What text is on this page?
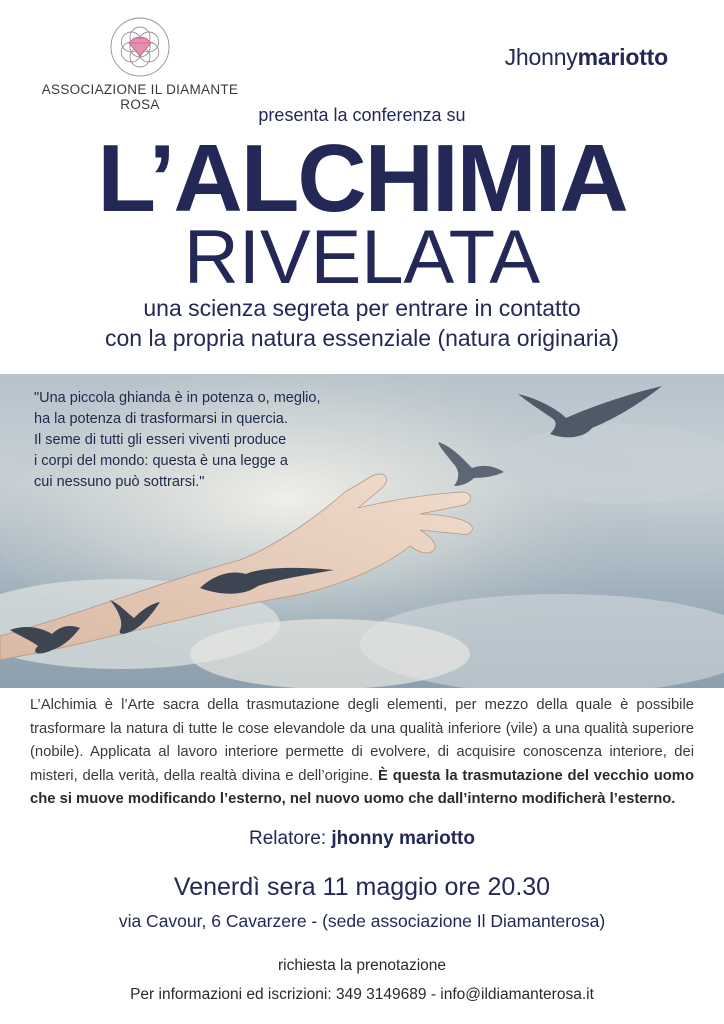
ASSOCIAZIONE IL DIAMANTE ROSA
Jhonnymariotto
presenta la conferenza su
L’ALCHIMIA
RIVELATA
una scienza segreta per entrare in contatto
con la propria natura essenziale (natura originaria)

"Una piccola ghianda è in potenza o, meglio,

ha la potenza di trasformarsi in quercia.

Il seme di tutti gli esseri viventi produce

i corpi del mondo: questa è una legge a

cui nessuno può sottrarsi."

L’Alchimia è l’Arte sacra della trasmutazione degli elementi, per mezzo della quale è possibile trasformare la natura di tutte le cose elevandole da una qualità inferiore (vile) a una qualità superiore (nobile). Applicata al lavoro interiore permette di evolvere, di acquisire conoscenza interiore, dei misteri, della verità, della realtà divina e dell’origine. È questa la trasmutazione del vecchio uomo che si muove modificando l’esterno, nel nuovo uomo che dall’interno modificherà l’esterno.
Relatore: jhonny mariotto
Venerdì sera 11 maggio ore 20.30
via Cavour, 6 Cavarzere - (sede associazione Il Diamanterosa)
richiesta la prenotazione
Per informazioni ed iscrizioni: 349 3149689 - info@ildiamanterosa.it
